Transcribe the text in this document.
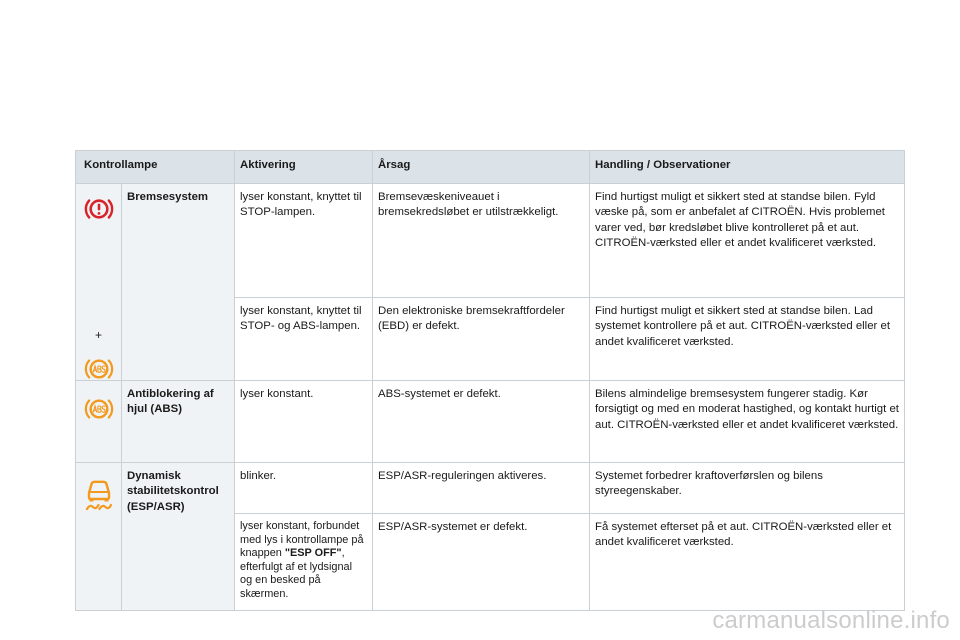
Kontrollampe		Aktivering	Årsag	Handling / Observationer

+	Bremsesystem	lyser konstant, knyttet til STOP-lampen.	Bremsevæskeniveauet i bremsekredsløbet er utilstrækkeligt.	Find hurtigst muligt et sikkert sted at standse bilen. Fyld væske på, som er anbefalet af CITROËN. Hvis problemet varer ved, bør kredsløbet blive kontrolleret på et aut. CITROËN-værksted eller et andet kvalificeret værksted.
		lyser konstant, knyttet til STOP- og ABS-lampen.	Den elektroniske bremsekraftfordeler (EBD) er defekt.	Find hurtigst muligt et sikkert sted at standse bilen. Lad systemet kontrollere på et aut. CITROËN-værksted eller et andet kvalificeret værksted.

	Antiblokering af hjul (ABS)	lyser konstant.	ABS-systemet er defekt.	Bilens almindelige bremsesystem fungerer stadig. Kør forsigtigt og med en moderat hastighed, og kontakt hurtigt et aut. CITROËN-værksted eller et andet kvalificeret værksted.

	Dynamisk stabilitetskontrol (ESP/ASR)	blinker.	ESP/ASR-reguleringen aktiveres.	Systemet forbedrer kraftoverførslen og bilens styreegenskaber.
		lyser konstant, forbundet med lys i kontrollampe på knappen "ESP OFF", efterfulgt af et lydsignal og en besked på skærmen.	ESP/ASR-systemet er defekt.	Få systemet efterset på et aut. CITROËN-værksted eller et andet kvalificeret værksted.
carmanualsonline.info
